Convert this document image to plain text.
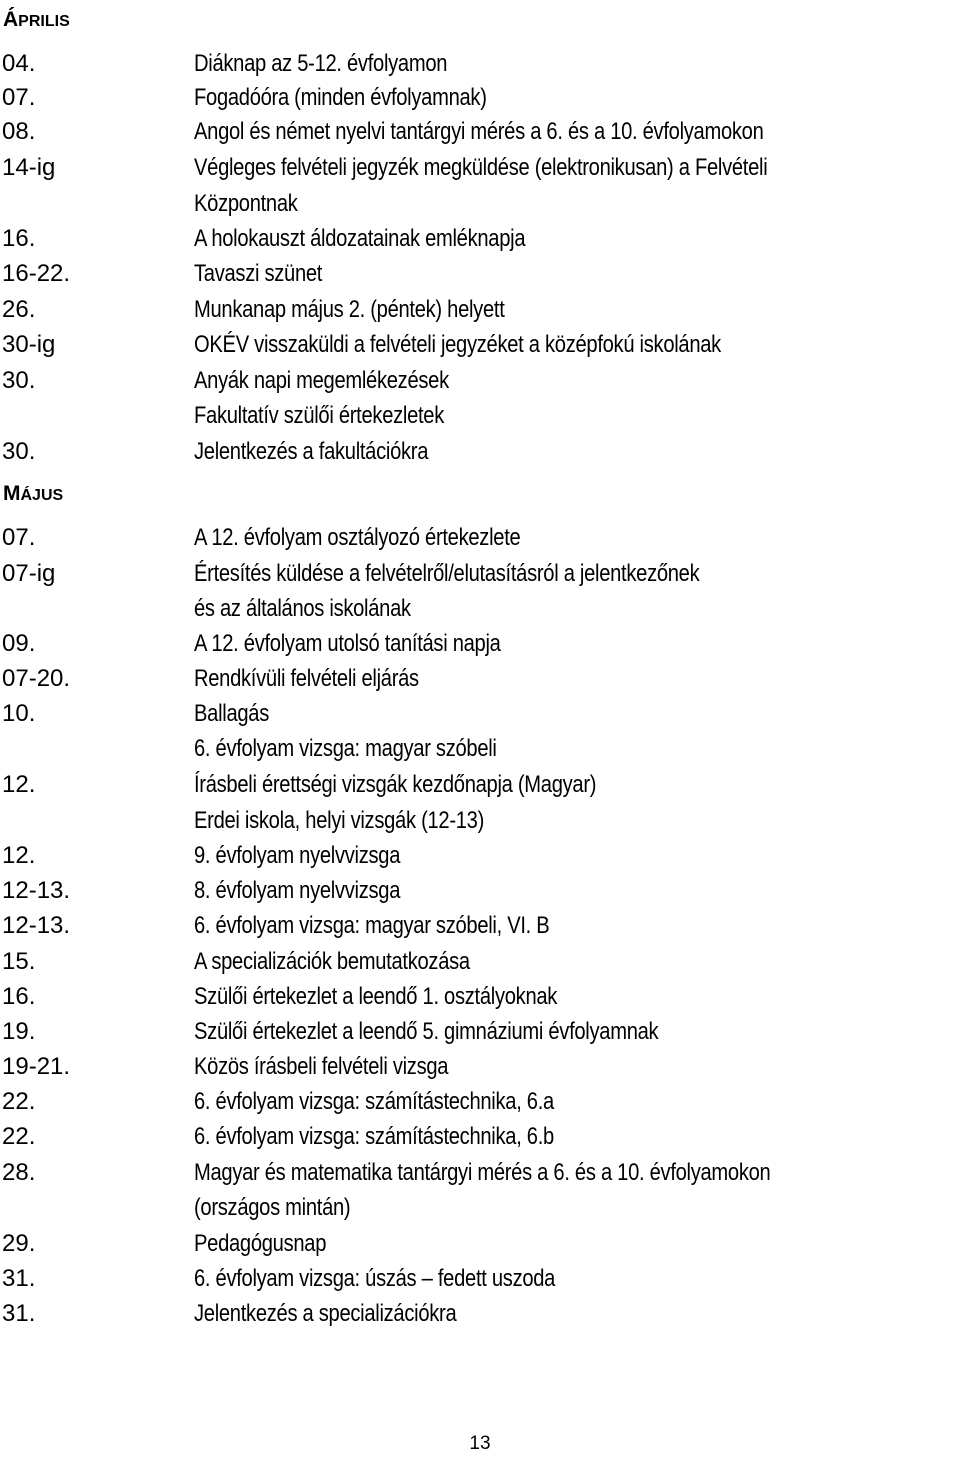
ÁPRILIS
04.	Diáknap az 5-12. évfolyamon
07.	Fogadóóra (minden évfolyamnak)
08.	Angol és német nyelvi tantárgyi mérés a 6. és a 10. évfolyamokon
14-ig	Végleges felvételi jegyzék megküldése (elektronikusan) a Felvételi
Központnak
16.	A holokauszt áldozatainak emléknapja
16-22.	Tavaszi szünet
26.	Munkanap május 2. (péntek) helyett
30-ig	OKÉV visszaküldi a felvételi jegyzéket a középfokú iskolának
30.	Anyák napi megemlékezések
Fakultatív szülői értekezletek
30.	Jelentkezés a fakultációkra
MÁJUS
07.	A 12. évfolyam osztályozó értekezlete
07-ig	Értesítés küldése a felvételről/elutasításról a jelentkezőnek
és az általános iskolának
09.	A 12. évfolyam utolsó tanítási napja
07-20.	Rendkívüli felvételi eljárás
10.	Ballagás
6. évfolyam vizsga: magyar szóbeli
12.	Írásbeli érettségi vizsgák kezdőnapja (Magyar)
Erdei iskola, helyi vizsgák (12-13)
12.	9. évfolyam nyelvvizsga
12-13.	8. évfolyam nyelvvizsga
12-13.	6. évfolyam vizsga: magyar szóbeli, VI. B
15.	A specializációk bemutatkozása
16.	Szülői értekezlet a leendő 1. osztályoknak
19.	Szülői értekezlet a leendő 5. gimnáziumi évfolyamnak
19-21.	Közös írásbeli felvételi vizsga
22.	6. évfolyam vizsga: számítástechnika, 6.a
22.	6. évfolyam vizsga: számítástechnika, 6.b
28.	Magyar és matematika tantárgyi mérés a 6. és a 10. évfolyamokon
(országos mintán)
29.	Pedagógusnap
31.	6. évfolyam vizsga: úszás – fedett uszoda
31.	Jelentkezés a specializációkra
13
